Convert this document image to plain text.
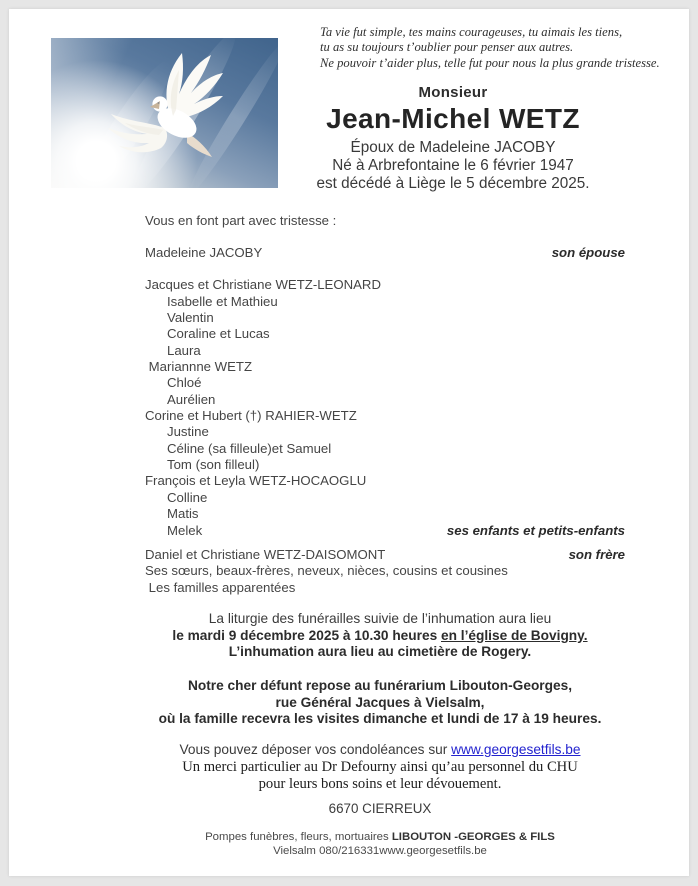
Ta vie fut simple, tes mains courageuses, tu aimais les tiens,
tu as su toujours t’oublier pour penser aux autres.
Ne pouvoir t’aider plus, telle fut pour nous la plus grande tristesse.
Monsieur
Jean-Michel WETZ
Époux de Madeleine JACOBY
Né à Arbrefontaine le 6 février 1947
est décédé à Liège le 5 décembre 2025.
Vous en font part avec tristesse :
Madeleine JACOBY	son épouse
Jacques et Christiane WETZ-LEONARD
Isabelle et Mathieu
Valentin
Coraline et Lucas
Laura
Mariannne WETZ
Chloé
Aurélien
Corine et Hubert (†) RAHIER-WETZ
Justine
Céline (sa filleule)et Samuel
Tom (son filleul)
François et Leyla WETZ-HOCAOGLU
Colline
Matis
Melek	ses enfants et petits-enfants
Daniel et Christiane WETZ-DAISOMONT	son frère
Ses sœurs, beaux-frères, neveux, nièces, cousins et cousines
Les familles apparentées
La liturgie des funérailles suivie de l’inhumation aura lieu
le mardi 9 décembre 2025 à 10.30 heures en l’église de Bovigny.
L’inhumation aura lieu au cimetière de Rogery.
Notre cher défunt repose au funérarium Libouton-Georges,
rue Général Jacques à Vielsalm,
où la famille recevra les visites dimanche et lundi de 17 à 19 heures.
Vous pouvez déposer vos condoléances sur www.georgesetfils.be
Un merci particulier au Dr Defourny ainsi qu’au personnel du CHU
pour leurs bons soins et leur dévouement.
6670 CIERREUX
Pompes funèbres, fleurs, mortuaires LIBOUTON -GEORGES & FILS
Vielsalm 080/216331www.georgesetfils.be
